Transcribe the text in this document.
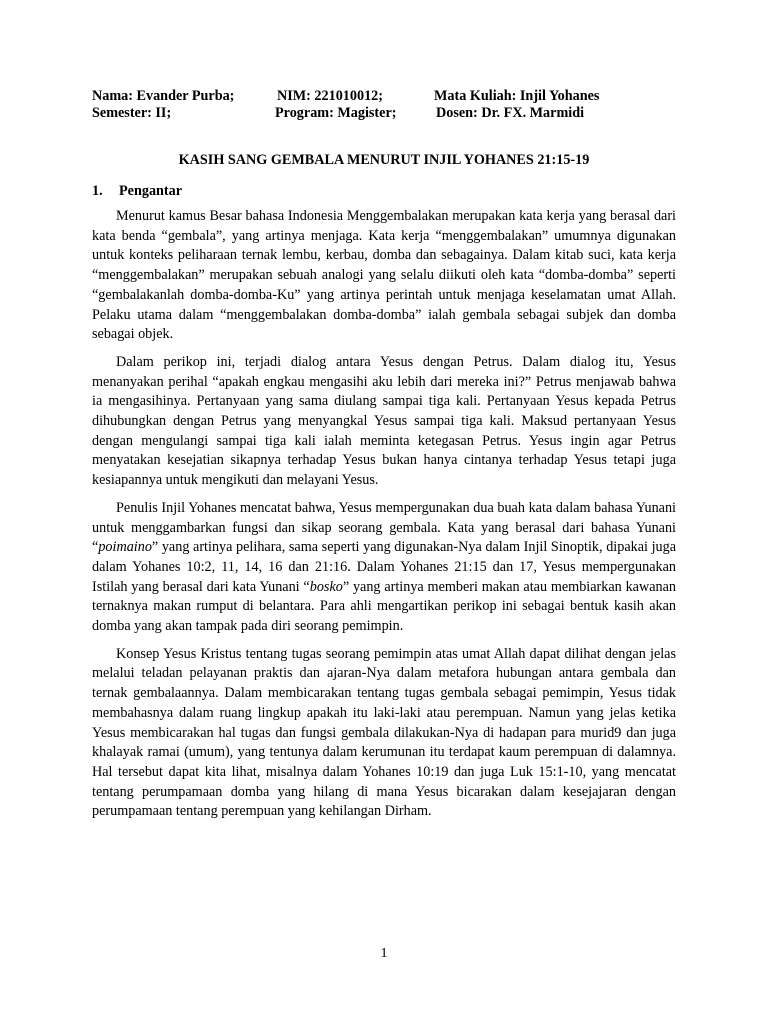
Nama: Evander Purba;	NIM: 221010012;	Mata Kuliah: Injil Yohanes
Semester: II;	Program: Magister;	Dosen: Dr. FX. Marmidi
KASIH SANG GEMBALA MENURUT INJIL YOHANES 21:15-19
1. Pengantar

Menurut kamus Besar bahasa Indonesia Menggembalakan merupakan kata kerja yang berasal dari kata benda “gembala”, yang artinya menjaga. Kata kerja “menggembalakan” umumnya digunakan untuk konteks peliharaan ternak lembu, kerbau, domba dan sebagainya. Dalam kitab suci, kata kerja “menggembalakan” merupakan sebuah analogi yang selalu diikuti oleh kata “domba-domba” seperti “gembalakanlah domba-domba-Ku” yang artinya perintah untuk menjaga keselamatan umat Allah. Pelaku utama dalam “menggembalakan domba-domba” ialah gembala sebagai subjek dan domba sebagai objek.

Dalam perikop ini, terjadi dialog antara Yesus dengan Petrus. Dalam dialog itu, Yesus menanyakan perihal “apakah engkau mengasihi aku lebih dari mereka ini?” Petrus menjawab bahwa ia mengasihinya. Pertanyaan yang sama diulang sampai tiga kali. Pertanyaan Yesus kepada Petrus dihubungkan dengan Petrus yang menyangkal Yesus sampai tiga kali. Maksud pertanyaan Yesus dengan mengulangi sampai tiga kali ialah meminta ketegasan Petrus. Yesus ingin agar Petrus menyatakan kesejatian sikapnya terhadap Yesus bukan hanya cintanya terhadap Yesus tetapi juga kesiapannya untuk mengikuti dan melayani Yesus.

Penulis Injil Yohanes mencatat bahwa, Yesus mempergunakan dua buah kata dalam bahasa Yunani untuk menggambarkan fungsi dan sikap seorang gembala. Kata yang berasal dari bahasa Yunani “poimaino” yang artinya pelihara, sama seperti yang digunakan-Nya dalam Injil Sinoptik, dipakai juga dalam Yohanes 10:2, 11, 14, 16 dan 21:16. Dalam Yohanes 21:15 dan 17, Yesus mempergunakan Istilah yang berasal dari kata Yunani “bosko” yang artinya memberi makan atau membiarkan kawanan ternaknya makan rumput di belantara. Para ahli mengartikan perikop ini sebagai bentuk kasih akan domba yang akan tampak pada diri seorang pemimpin.

Konsep Yesus Kristus tentang tugas seorang pemimpin atas umat Allah dapat dilihat dengan jelas melalui teladan pelayanan praktis dan ajaran-Nya dalam metafora hubungan antara gembala dan ternak gembalaannya. Dalam membicarakan tentang tugas gembala sebagai pemimpin, Yesus tidak membahasnya dalam ruang lingkup apakah itu laki-laki atau perempuan. Namun yang jelas ketika Yesus membicarakan hal tugas dan fungsi gembala dilakukan-Nya di hadapan para murid9 dan juga khalayak ramai (umum), yang tentunya dalam kerumunan itu terdapat kaum perempuan di dalamnya. Hal tersebut dapat kita lihat, misalnya dalam Yohanes 10:19 dan juga Luk 15:1-10, yang mencatat tentang perumpamaan domba yang hilang di mana Yesus bicarakan dalam kesejajaran dengan perumpamaan tentang perempuan yang kehilangan Dirham.

1
